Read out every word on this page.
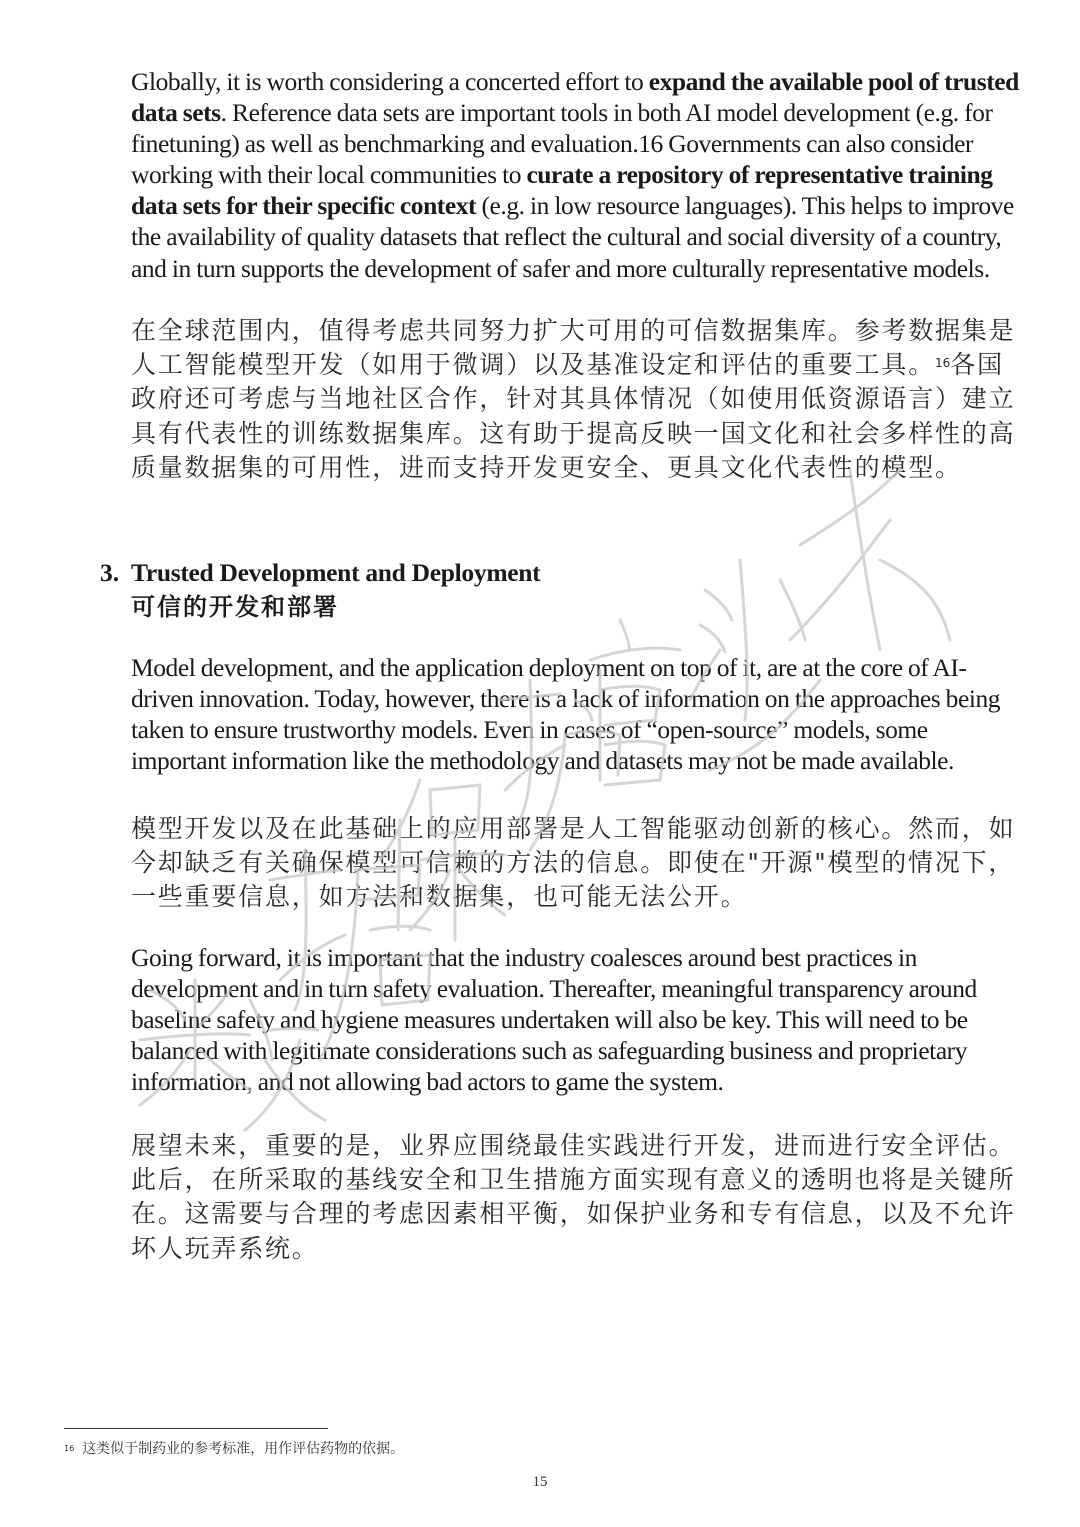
Globally, it is worth considering a concerted effort to expand the available pool of trusted data sets. Reference data sets are important tools in both AI model development (e.g. for finetuning) as well as benchmarking and evaluation.16 Governments can also consider working with their local communities to curate a repository of representative training data sets for their specific context (e.g. in low resource languages). This helps to improve the availability of quality datasets that reflect the cultural and social diversity of a country, and in turn supports the development of safer and more culturally representative models.
在全球范围内，值得考虑共同努力扩大可用的可信数据集库。参考数据集是人工智能模型开发（如用于微调）以及基准设定和评估的重要工具。$^{16}$各国政府还可考虑与当地社区合作，针对其具体情况（如使用低资源语言）建立具有代表性的训练数据集库。这有助于提高反映一国文化和社会多样性的高质量数据集的可用性，进而支持开发更安全、更具文化代表性的模型。
3. Trusted Development and Deployment
可信的开发和部署
Model development, and the application deployment on top of it, are at the core of AI-driven innovation. Today, however, there is a lack of information on the approaches being taken to ensure trustworthy models. Even in cases of “open-source” models, some important information like the methodology and datasets may not be made available.
模型开发以及在此基础上的应用部署是人工智能驱动创新的核心。然而，如今却缺乏有关确保模型可信赖的方法的信息。即使在"开源"模型的情况下，一些重要信息，如方法和数据集，也可能无法公开。
Going forward, it is important that the industry coalesces around best practices in development and in turn safety evaluation. Thereafter, meaningful transparency around baseline safety and hygiene measures undertaken will also be key. This will need to be balanced with legitimate considerations such as safeguarding business and proprietary information, and not allowing bad actors to game the system.
展望未来，重要的是，业界应围绕最佳实践进行开发，进而进行安全评估。此后，在所采取的基线安全和卫生措施方面实现有意义的透明也将是关键所在。这需要与合理的考虑因素相平衡，如保护业务和专有信息，以及不允许坏人玩弄系统。
$^{16}$ 这类似于制药业的参考标准，用作评估药物的依据。
15
